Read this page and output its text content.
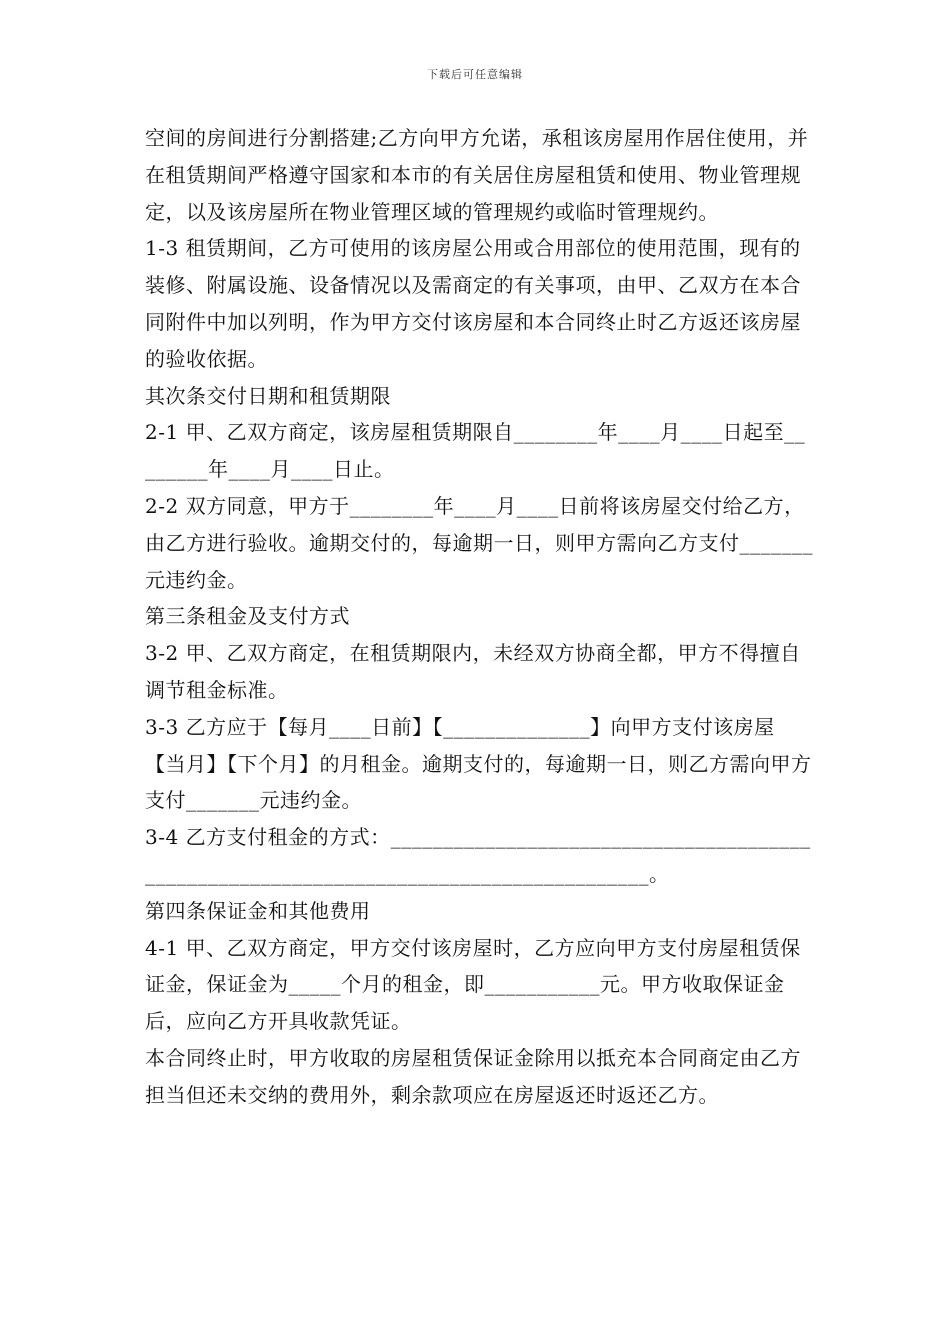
下载后可任意编辑

空间的房间进行分割搭建;乙方向甲方允诺，承租该房屋用作居住使用，并在租赁期间严格遵守国家和本市的有关居住房屋租赁和使用、物业管理规定，以及该房屋所在物业管理区域的管理规约或临时管理规约。

1-3 租赁期间，乙方可使用的该房屋公用或合用部位的使用范围，现有的装修、附属设施、设备情况以及需商定的有关事项，由甲、乙双方在本合同附件中加以列明，作为甲方交付该房屋和本合同终止时乙方返还该房屋的验收依据。

其次条交付日期和租赁期限

2-1 甲、乙双方商定，该房屋租赁期限自________年____月____日起至________年____月____日止。

2-2 双方同意，甲方于________年____月____日前将该房屋交付给乙方，由乙方进行验收。逾期交付的，每逾期一日，则甲方需向乙方支付_______元违约金。

第三条租金及支付方式

3-2 甲、乙双方商定，在租赁期限内，未经双方协商全都，甲方不得擅自调节租金标准。

3-3 乙方应于【每月____日前】【______________】向甲方支付该房屋【当月】【下个月】的月租金。逾期支付的，每逾期一日，则乙方需向甲方支付_______元违约金。

3-4 乙方支付租金的方式：________________________________________________________________________________________。

第四条保证金和其他费用

4-1 甲、乙双方商定，甲方交付该房屋时，乙方应向甲方支付房屋租赁保证金，保证金为_____个月的租金，即___________元。甲方收取保证金后，应向乙方开具收款凭证。

本合同终止时，甲方收取的房屋租赁保证金除用以抵充本合同商定由乙方担当但还未交纳的费用外，剩余款项应在房屋返还时返还乙方。
